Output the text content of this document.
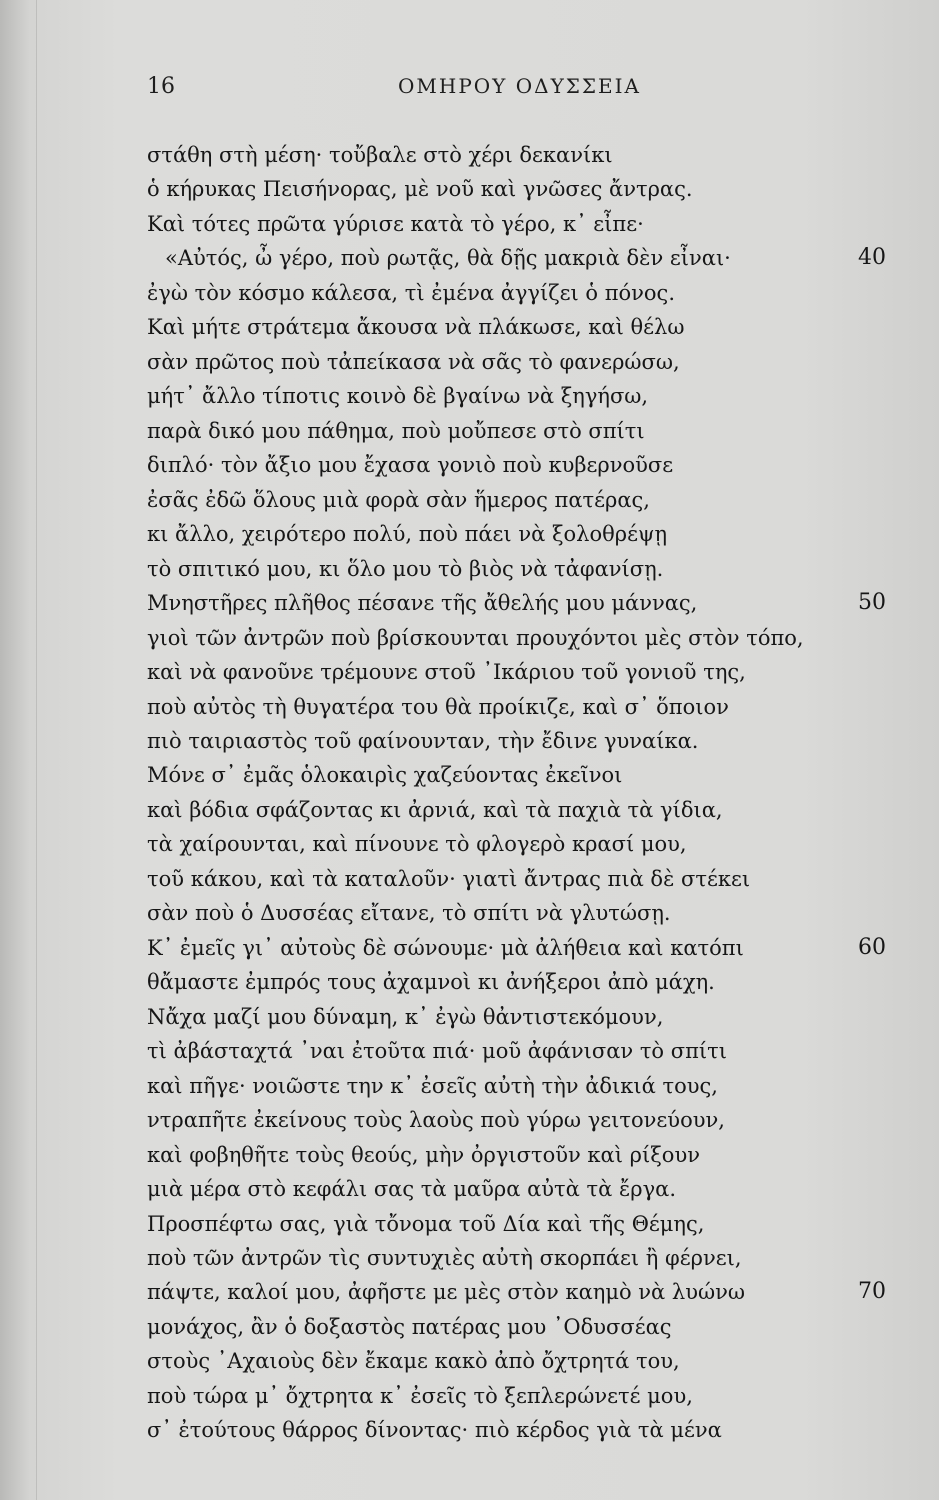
16	ΟΜΗΡΟΥ ΟΔΥΣΣΕΙΑ
στάθη στὴ μέση· τοὔβαλε στὸ χέρι δεκανίκι
ὁ κήρυκας Πεισήνορας, μὲ νοῦ καὶ γνῶσες ἄντρας.
Καὶ τότες πρῶτα γύρισε κατὰ τὸ γέρο, κ᾽ εἶπε·
«Αὐτός, ὦ γέρο, ποὺ ρωτᾷς, θὰ δῇς μακριὰ δὲν εἶναι·	40
ἐγὼ τὸν κόσμο κάλεσα, τὶ ἐμένα ἀγγίζει ὁ πόνος.
Καὶ μήτε στράτεμα ἄκουσα νὰ πλάκωσε, καὶ θέλω
σὰν πρῶτος ποὺ τἀπείκασα νὰ σᾶς τὸ φανερώσω,
μήτ᾽ ἄλλο τίποτις κοινὸ δὲ βγαίνω νὰ ξηγήσω,
παρὰ δικό μου πάθημα, ποὺ μοὔπεσε στὸ σπίτι
διπλό· τὸν ἄξιο μου ἔχασα γονιὸ ποὺ κυβερνοῦσε
ἐσᾶς ἐδῶ ὅλους μιὰ φορὰ σὰν ἥμερος πατέρας,
κι ἄλλο, χειρότερο πολύ, ποὺ πάει νὰ ξολοθρέψῃ
τὸ σπιτικό μου, κι ὅλο μου τὸ βιὸς νὰ τἀφανίσῃ.
Μνηστῆρες πλῆθος πέσανε τῆς ἄθελής μου μάννας,	50
γιοὶ τῶν ἀντρῶν ποὺ βρίσκουνται προυχόντοι μὲς στὸν τόπο,
καὶ νὰ φανοῦνε τρέμουνε στοῦ ᾽Ικάριου τοῦ γονιοῦ της,
ποὺ αὐτὸς τὴ θυγατέρα του θὰ προίκιζε, καὶ σ᾽ ὅποιον
πιὸ ταιριαστὸς τοῦ φαίνουνταν, τὴν ἔδινε γυναίκα.
Μόνε σ᾽ ἐμᾶς ὁλοκαιρὶς χαζεύοντας ἐκεῖνοι
καὶ βόδια σφάζοντας κι ἀρνιά, καὶ τὰ παχιὰ τὰ γίδια,
τὰ χαίρουνται, καὶ πίνουνε τὸ φλογερὸ κρασί μου,
τοῦ κάκου, καὶ τὰ καταλοῦν· γιατὶ ἄντρας πιὰ δὲ στέκει
σὰν ποὺ ὁ Δυσσέας εἴτανε, τὸ σπίτι νὰ γλυτώσῃ.
Κ᾽ ἐμεῖς γι᾽ αὐτοὺς δὲ σώνουμε· μὰ ἀλήθεια καὶ κατόπι	60
θἄμαστε ἐμπρός τους ἀχαμνοὶ κι ἀνήξεροι ἀπὸ μάχη.
Νἄχα μαζί μου δύναμη, κ᾽ ἐγὼ θἀντιστεκόμουν,
τὶ ἀβάσταχτά ᾽ναι ἐτοῦτα πιά· μοῦ ἀφάνισαν τὸ σπίτι
καὶ πῆγε· νοιῶστε την κ᾽ ἐσεῖς αὐτὴ τὴν ἀδικιά τους,
ντραπῆτε ἐκείνους τοὺς λαοὺς ποὺ γύρω γειτονεύουν,
καὶ φοβηθῆτε τοὺς θεούς, μὴν ὀργιστοῦν καὶ ρίξουν
μιὰ μέρα στὸ κεφάλι σας τὰ μαῦρα αὐτὰ τὰ ἔργα.
Προσπέφτω σας, γιὰ τὄνομα τοῦ Δία καὶ τῆς Θέμης,
ποὺ τῶν ἀντρῶν τὶς συντυχιὲς αὐτὴ σκορπάει ἢ φέρνει,
πάψτε, καλοί μου, ἀφῆστε με μὲς στὸν καημὸ νὰ λυώνω	70
μονάχος, ἂν ὁ δοξαστὸς πατέρας μου ᾽Οδυσσέας
στοὺς ᾽Αχαιοὺς δὲν ἔκαμε κακὸ ἀπὸ ὄχτρητά του,
ποὺ τώρα μ᾽ ὄχτρητα κ᾽ ἐσεῖς τὸ ξεπλερώνετέ μου,
σ᾽ ἐτούτους θάρρος δίνοντας· πιὸ κέρδος γιὰ τὰ μένα
